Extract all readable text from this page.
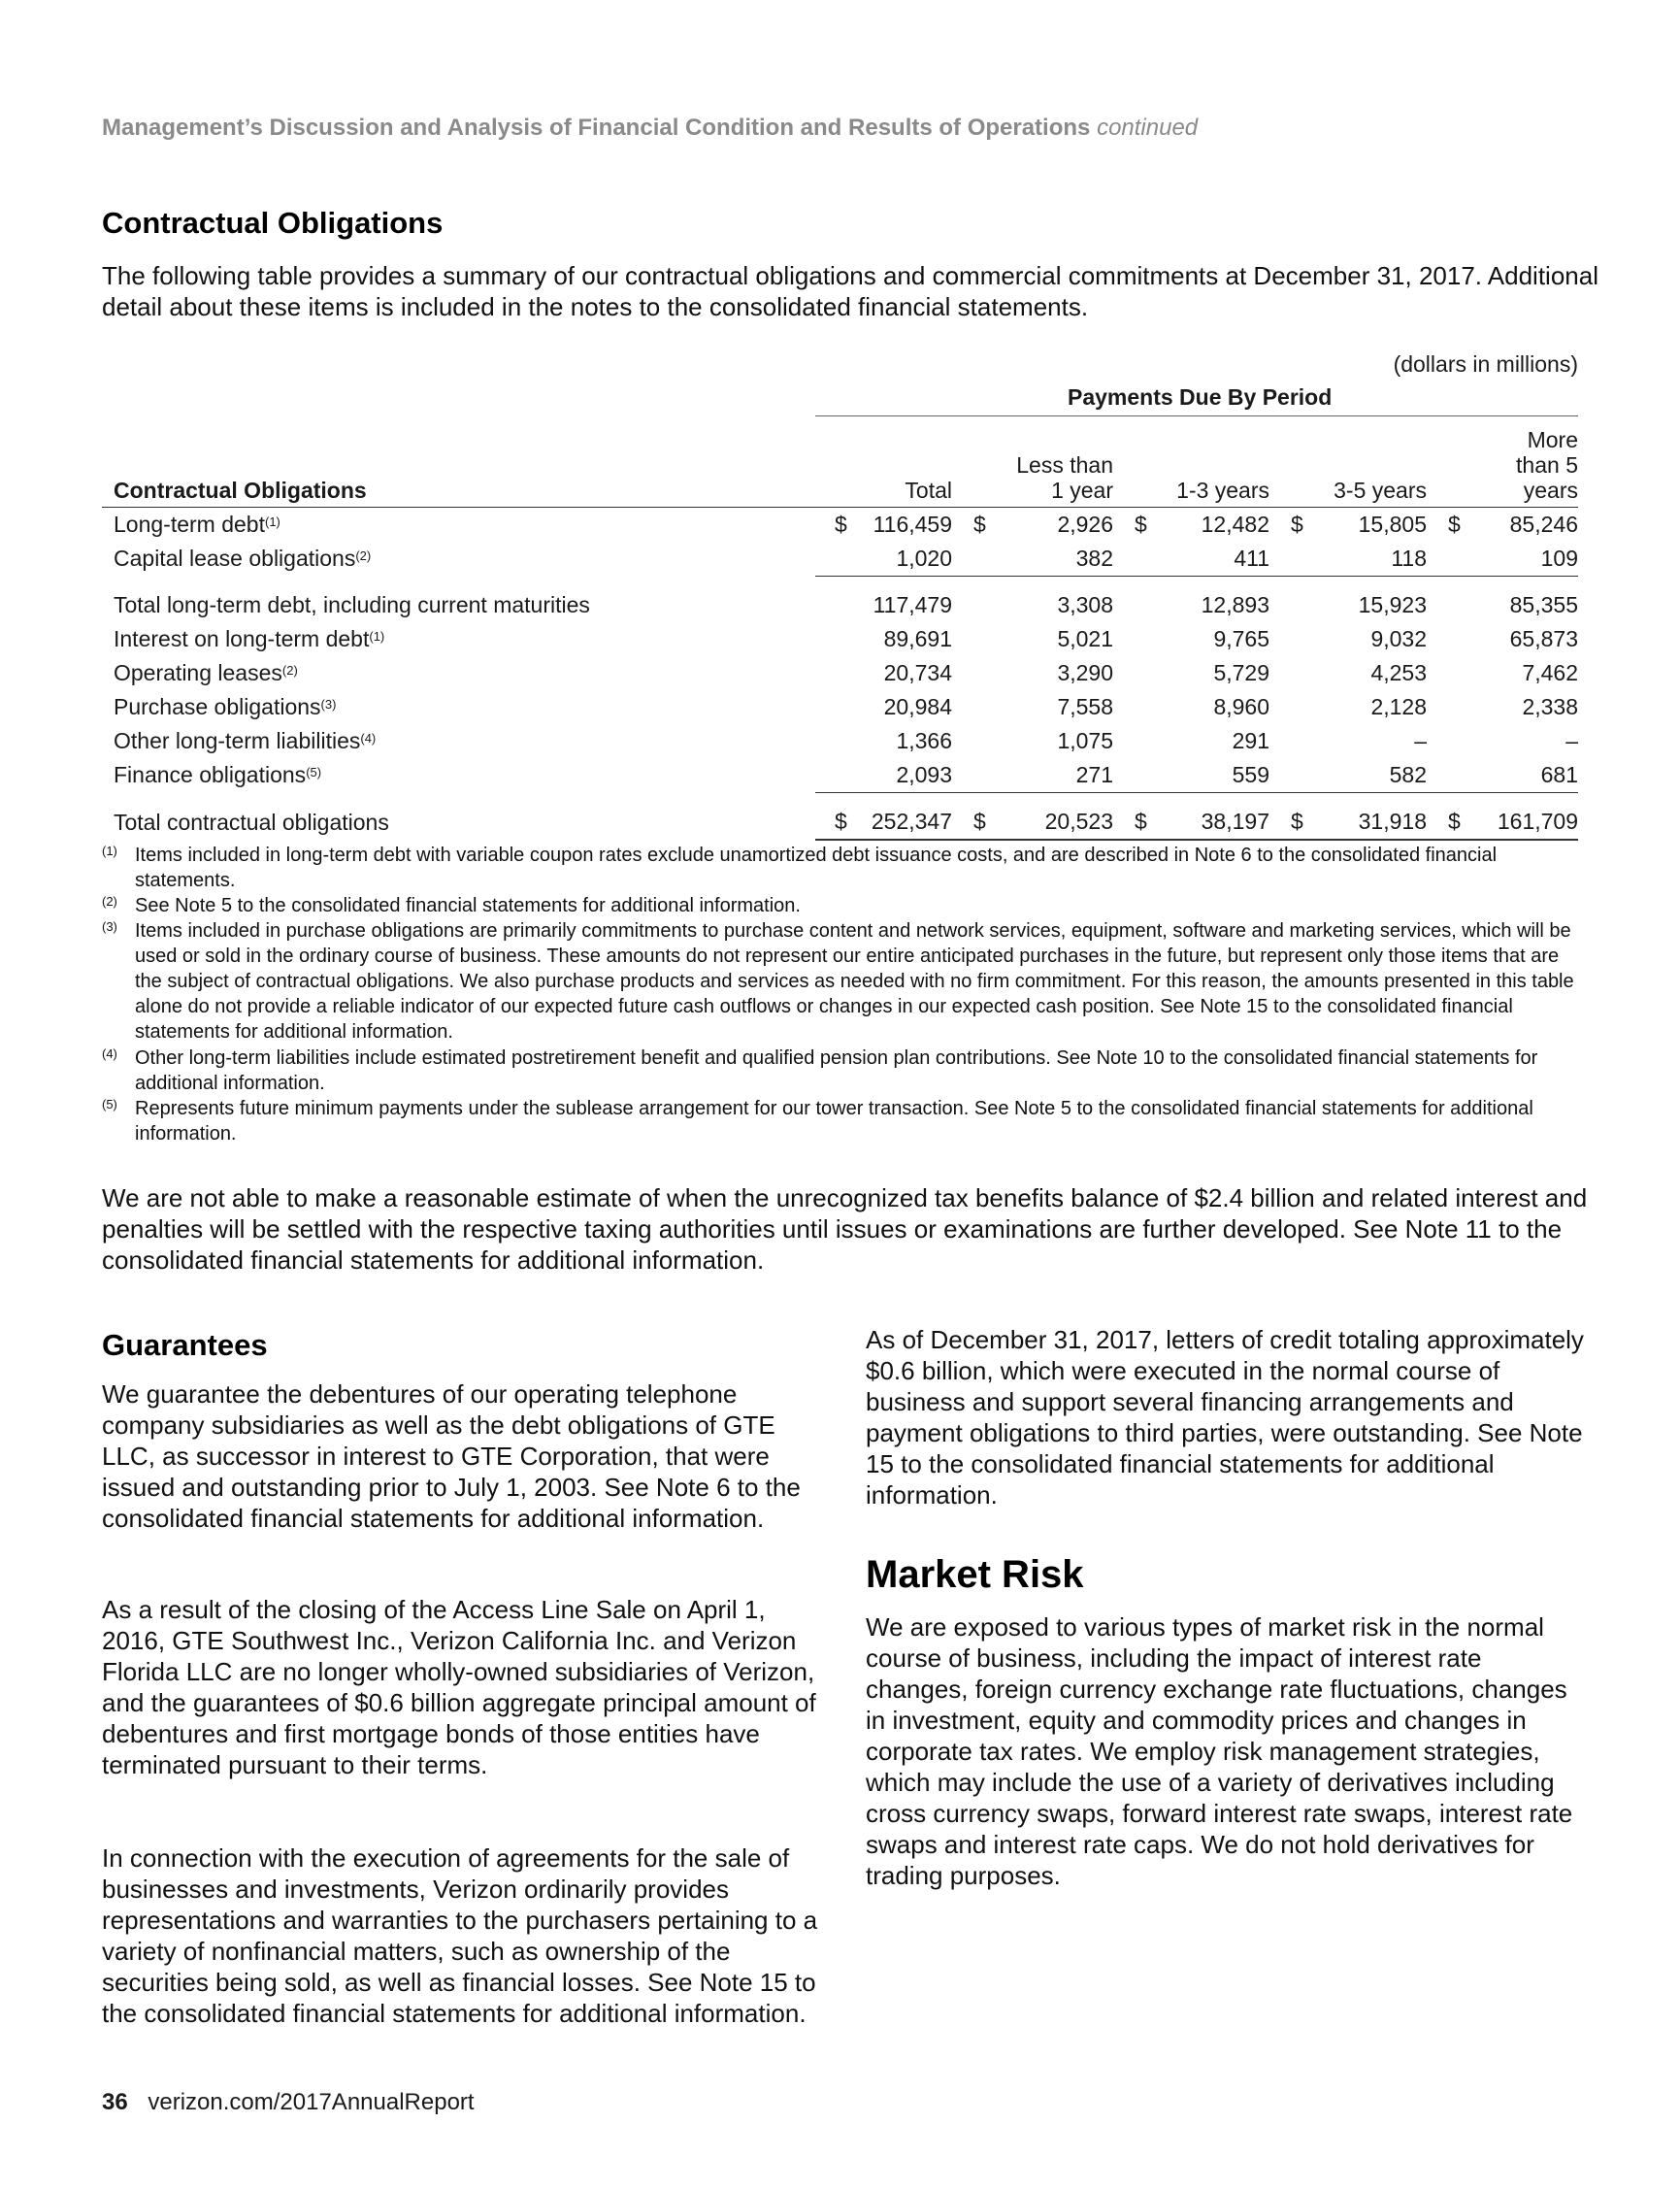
Management’s Discussion and Analysis of Financial Condition and Results of Operations continued
Contractual Obligations
The following table provides a summary of our contractual obligations and commercial commitments at December 31, 2017. Additional detail about these items is included in the notes to the consolidated financial statements.
(dollars in millions)
Payments Due By Period
Contractual Obligations	Total	Less than 1 year	1-3 years	3-5 years	More than 5 years
Long-term debt$^{(1)}$	$ 116,459	$ 2,926	$ 12,482	$ 15,805	$ 85,246
Capital lease obligations$^{(2)}$	1,020	382	411	118	109

Total long-term debt, including current maturities	117,479	3,308	12,893	15,923	85,355
Interest on long-term debt$^{(1)}$	89,691	5,021	9,765	9,032	65,873
Operating leases$^{(2)}$	20,734	3,290	5,729	4,253	7,462
Purchase obligations$^{(3)}$	20,984	7,558	8,960	2,128	2,338
Other long-term liabilities$^{(4)}$	1,366	1,075	291	–	–
Finance obligations$^{(5)}$	2,093	271	559	582	681

Total contractual obligations	$ 252,347	$ 20,523	$ 38,197	$ 31,918	$ 161,709
(1) Items included in long-term debt with variable coupon rates exclude unamortized debt issuance costs, and are described in Note 6 to the consolidated financial statements.
(2) See Note 5 to the consolidated financial statements for additional information.
(3) Items included in purchase obligations are primarily commitments to purchase content and network services, equipment, software and marketing services, which will be used or sold in the ordinary course of business. These amounts do not represent our entire anticipated purchases in the future, but represent only those items that are the subject of contractual obligations. We also purchase products and services as needed with no firm commitment. For this reason, the amounts presented in this table alone do not provide a reliable indicator of our expected future cash outflows or changes in our expected cash position. See Note 15 to the consolidated financial statements for additional information.
(4) Other long-term liabilities include estimated postretirement benefit and qualified pension plan contributions. See Note 10 to the consolidated financial statements for additional information.
(5) Represents future minimum payments under the sublease arrangement for our tower transaction. See Note 5 to the consolidated financial statements for additional information.
We are not able to make a reasonable estimate of when the unrecognized tax benefits balance of $2.4 billion and related interest and penalties will be settled with the respective taxing authorities until issues or examinations are further developed. See Note 11 to the consolidated financial statements for additional information.
Guarantees
We guarantee the debentures of our operating telephone company subsidiaries as well as the debt obligations of GTE LLC, as successor in interest to GTE Corporation, that were issued and outstanding prior to July 1, 2003. See Note 6 to the consolidated financial statements for additional information.
As a result of the closing of the Access Line Sale on April 1, 2016, GTE Southwest Inc., Verizon California Inc. and Verizon Florida LLC are no longer wholly-owned subsidiaries of Verizon, and the guarantees of $0.6 billion aggregate principal amount of debentures and first mortgage bonds of those entities have terminated pursuant to their terms.
In connection with the execution of agreements for the sale of businesses and investments, Verizon ordinarily provides representations and warranties to the purchasers pertaining to a variety of nonfinancial matters, such as ownership of the securities being sold, as well as financial losses. See Note 15 to the consolidated financial statements for additional information.
As of December 31, 2017, letters of credit totaling approximately $0.6 billion, which were executed in the normal course of business and support several financing arrangements and payment obligations to third parties, were outstanding. See Note 15 to the consolidated financial statements for additional information.
Market Risk
We are exposed to various types of market risk in the normal course of business, including the impact of interest rate changes, foreign currency exchange rate fluctuations, changes in investment, equity and commodity prices and changes in corporate tax rates. We employ risk management strategies, which may include the use of a variety of derivatives including cross currency swaps, forward interest rate swaps, interest rate swaps and interest rate caps. We do not hold derivatives for trading purposes.
36 verizon.com/2017AnnualReport
